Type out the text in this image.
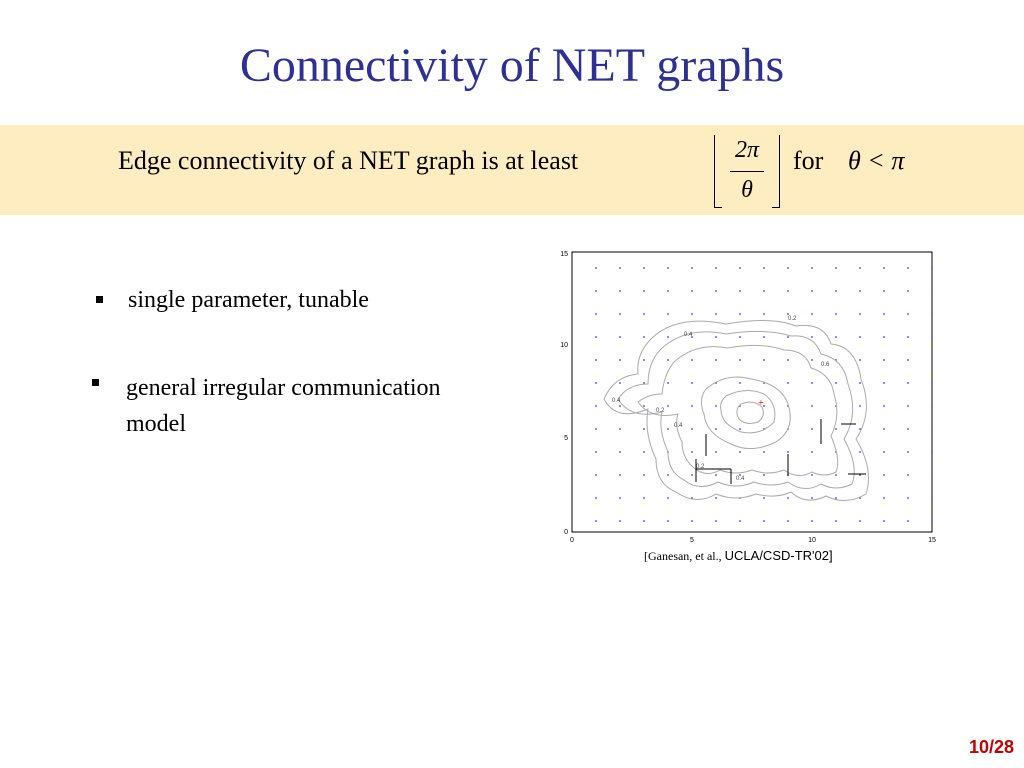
Connectivity of NET graphs
Edge connectivity of a NET graph is at least	2π
θ
for θ < π
single parameter, tunable
general irregular communication
model
0.4
0.2
0.4
0.2
0.4
0.6
0.2
0.4
+
0	5	10	15
0
5
10
15
[Ganesan, et al., UCLA/CSD-TR'02]
10/28
